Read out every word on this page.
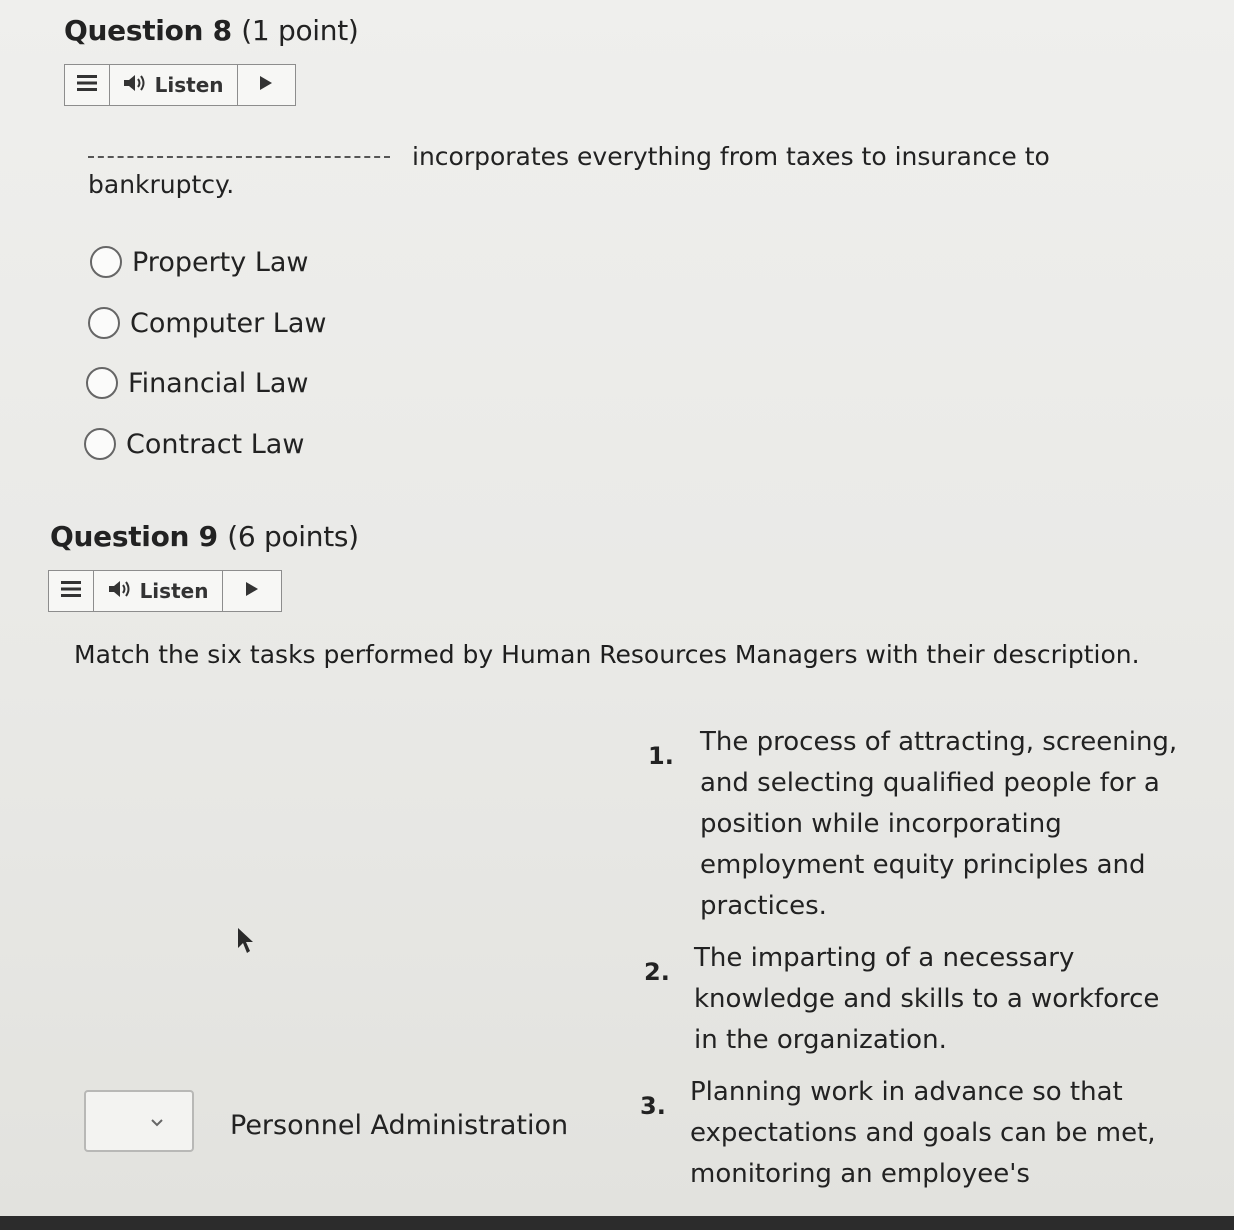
Question 8 (1 point)
Listen
incorporates everything from taxes to insurance to
bankruptcy.
Property Law
Computer Law
Financial Law
Contract Law
Question 9 (6 points)
Listen
Match the six tasks performed by Human Resources Managers with their description.
1. The process of attracting, screening,
and selecting qualified people for a
position while incorporating
employment equity principles and
practices.
2. The imparting of a necessary
knowledge and skills to a workforce
in the organization.
3. Planning work in advance so that
expectations and goals can be met,
monitoring an employee's
Personnel Administration
